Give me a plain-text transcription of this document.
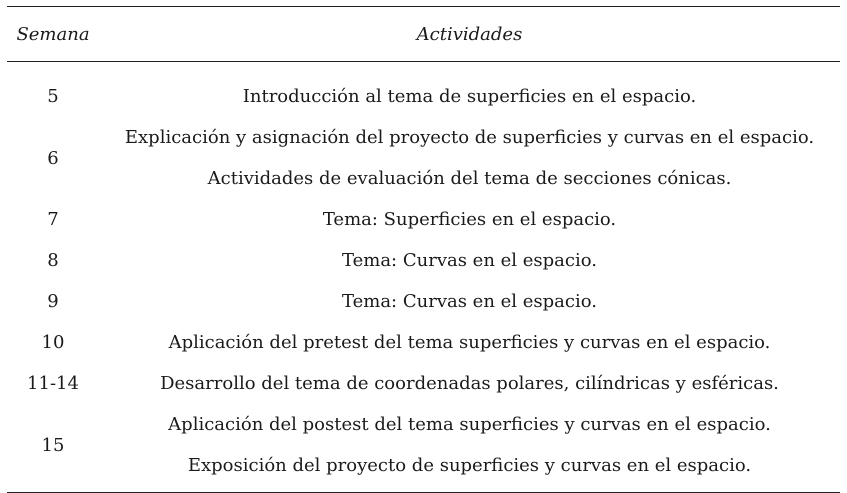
Semana	Actividades

5	Introducción al tema de superficies en el espacio.

6	Explicación y asignación del proyecto de superficies y curvas en el espacio.
Actividades de evaluación del tema de secciones cónicas.

7	Tema: Superficies en el espacio.

8	Tema: Curvas en el espacio.

9	Tema: Curvas en el espacio.

10	Aplicación del pretest del tema superficies y curvas en el espacio.

11-14	Desarrollo del tema de coordenadas polares, cilíndricas y esféricas.

15	Aplicación del postest del tema superficies y curvas en el espacio.
Exposición del proyecto de superficies y curvas en el espacio.
